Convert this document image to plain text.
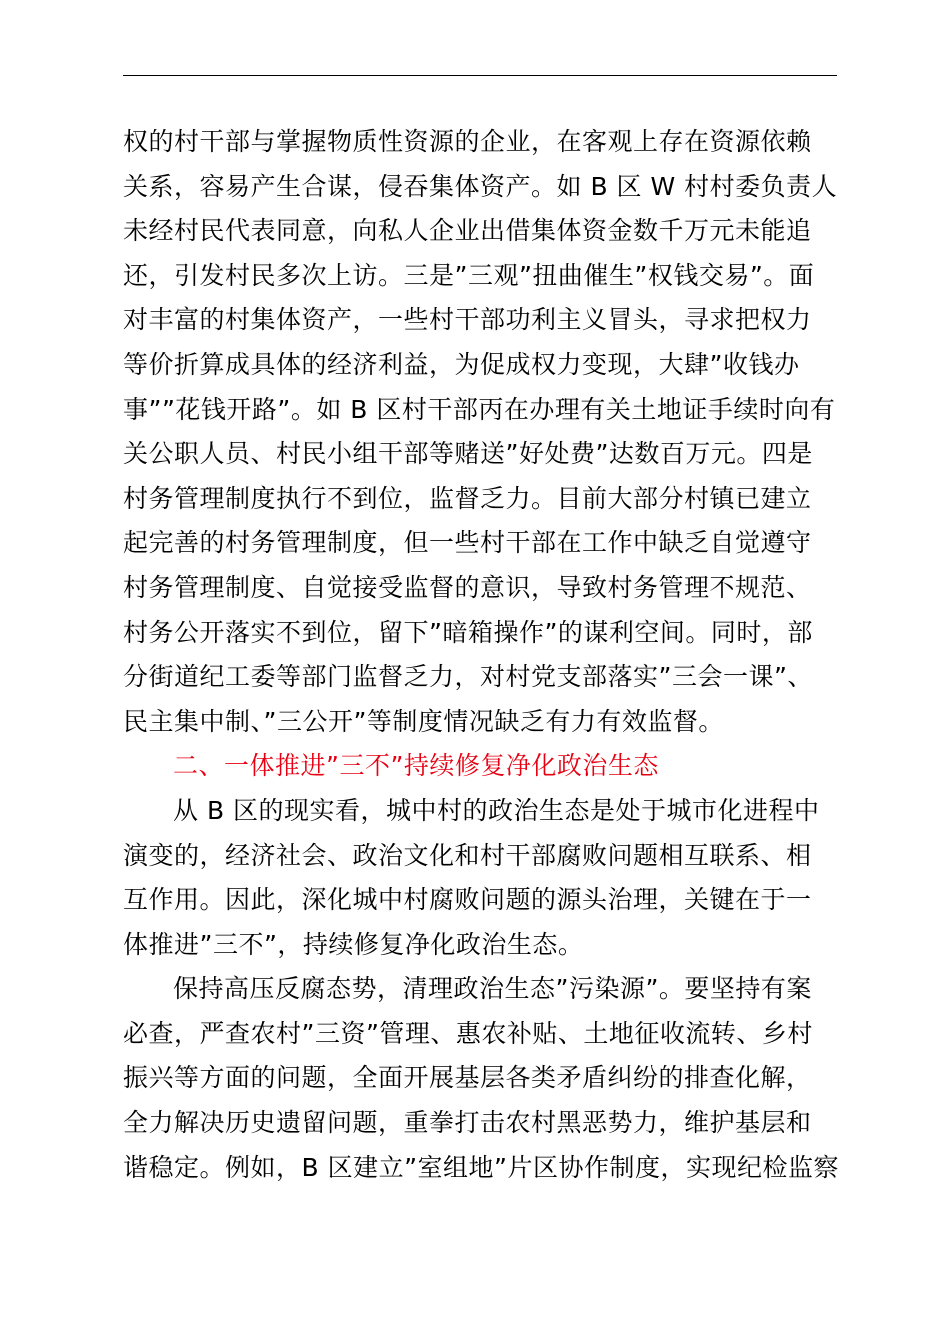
权的村干部与掌握物质性资源的企业，在客观上存在资源依赖
关系，容易产生合谋，侵吞集体资产。如 B 区 W 村村委负责人
未经村民代表同意，向私人企业出借集体资金数千万元未能追
还，引发村民多次上访。三是”三观”扭曲催生”权钱交易”。面
对丰富的村集体资产，一些村干部功利主义冒头，寻求把权力
等价折算成具体的经济利益，为促成权力变现，大肆”收钱办
事””花钱开路”。如 B 区村干部丙在办理有关土地证手续时向有
关公职人员、村民小组干部等赌送”好处费”达数百万元。四是
村务管理制度执行不到位，监督乏力。目前大部分村镇已建立
起完善的村务管理制度，但一些村干部在工作中缺乏自觉遵守
村务管理制度、自觉接受监督的意识，导致村务管理不规范、
村务公开落实不到位，留下”暗箱操作”的谋利空间。同时，部
分街道纪工委等部门监督乏力，对村党支部落实”三会一课”、
民主集中制、”三公开”等制度情况缺乏有力有效监督。
二、一体推进”三不”持续修复净化政治生态
从 B 区的现实看，城中村的政治生态是处于城市化进程中
演变的，经济社会、政治文化和村干部腐败问题相互联系、相
互作用。因此，深化城中村腐败问题的源头治理，关键在于一
体推进”三不”，持续修复净化政治生态。
保持高压反腐态势，清理政治生态”污染源”。要坚持有案
必查，严查农村”三资”管理、惠农补贴、土地征收流转、乡村
振兴等方面的问题，全面开展基层各类矛盾纠纷的排查化解，
全力解决历史遗留问题，重拳打击农村黑恶势力，维护基层和
谐稳定。例如，B 区建立”室组地”片区协作制度，实现纪检监察
